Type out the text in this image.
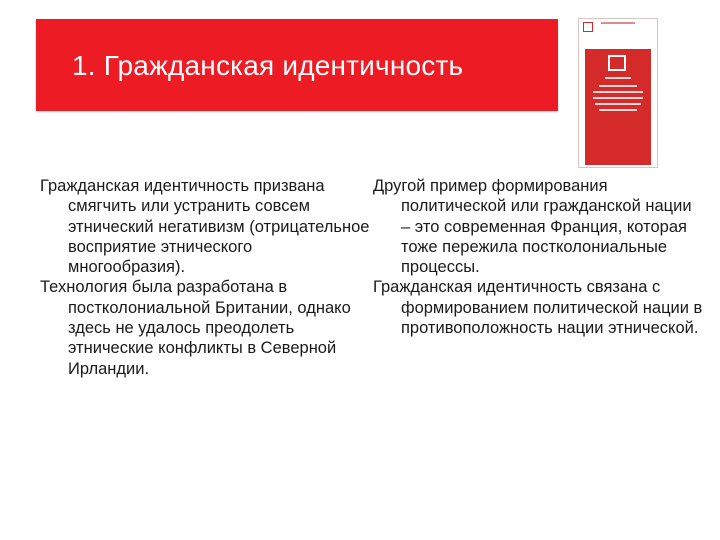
1. Гражданская идентичность

Гражданская идентичность призвана смягчить или устранить совсем этнический негативизм (отрицательное восприятие этнического многообразия).

Технология была разработана в постколониальной Британии, однако здесь не удалось преодолеть этнические конфликты в Северной Ирландии.

Другой пример формирования политической или гражданской нации – это современная Франция, которая тоже пережила постколониальные процессы.

Гражданская идентичность связана с формированием политической нации в противоположность нации этнической.
